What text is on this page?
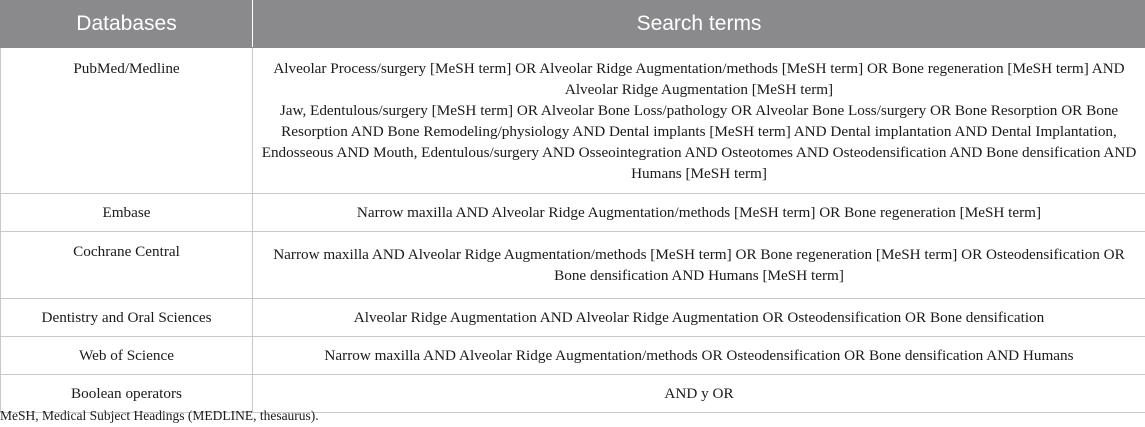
Databases	Search terms
PubMed/Medline	Alveolar Process/surgery [MeSH term] OR Alveolar Ridge Augmentation/methods [MeSH term] OR Bone regeneration [MeSH term] AND Alveolar Ridge Augmentation [MeSH term]
Jaw, Edentulous/surgery [MeSH term] OR Alveolar Bone Loss/pathology OR Alveolar Bone Loss/surgery OR Bone Resorption OR Bone Resorption AND Bone Remodeling/physiology AND Dental implants [MeSH term] AND Dental implantation AND Dental Implantation, Endosseous AND Mouth, Edentulous/surgery AND Osseointegration AND Osteotomes AND Osteodensification AND Bone densification AND Humans [MeSH term]

Embase	Narrow maxilla AND Alveolar Ridge Augmentation/methods [MeSH term] OR Bone regeneration [MeSH term]
Cochrane Central	Narrow maxilla AND Alveolar Ridge Augmentation/methods [MeSH term] OR Bone regeneration [MeSH term] OR Osteodensification OR Bone densification AND Humans [MeSH term]
Dentistry and Oral Sciences	Alveolar Ridge Augmentation AND Alveolar Ridge Augmentation OR Osteodensification OR Bone densification
Web of Science	Narrow maxilla AND Alveolar Ridge Augmentation/methods OR Osteodensification OR Bone densification AND Humans
Boolean operators	AND y OR
MeSH, Medical Subject Headings (MEDLINE, thesaurus).
